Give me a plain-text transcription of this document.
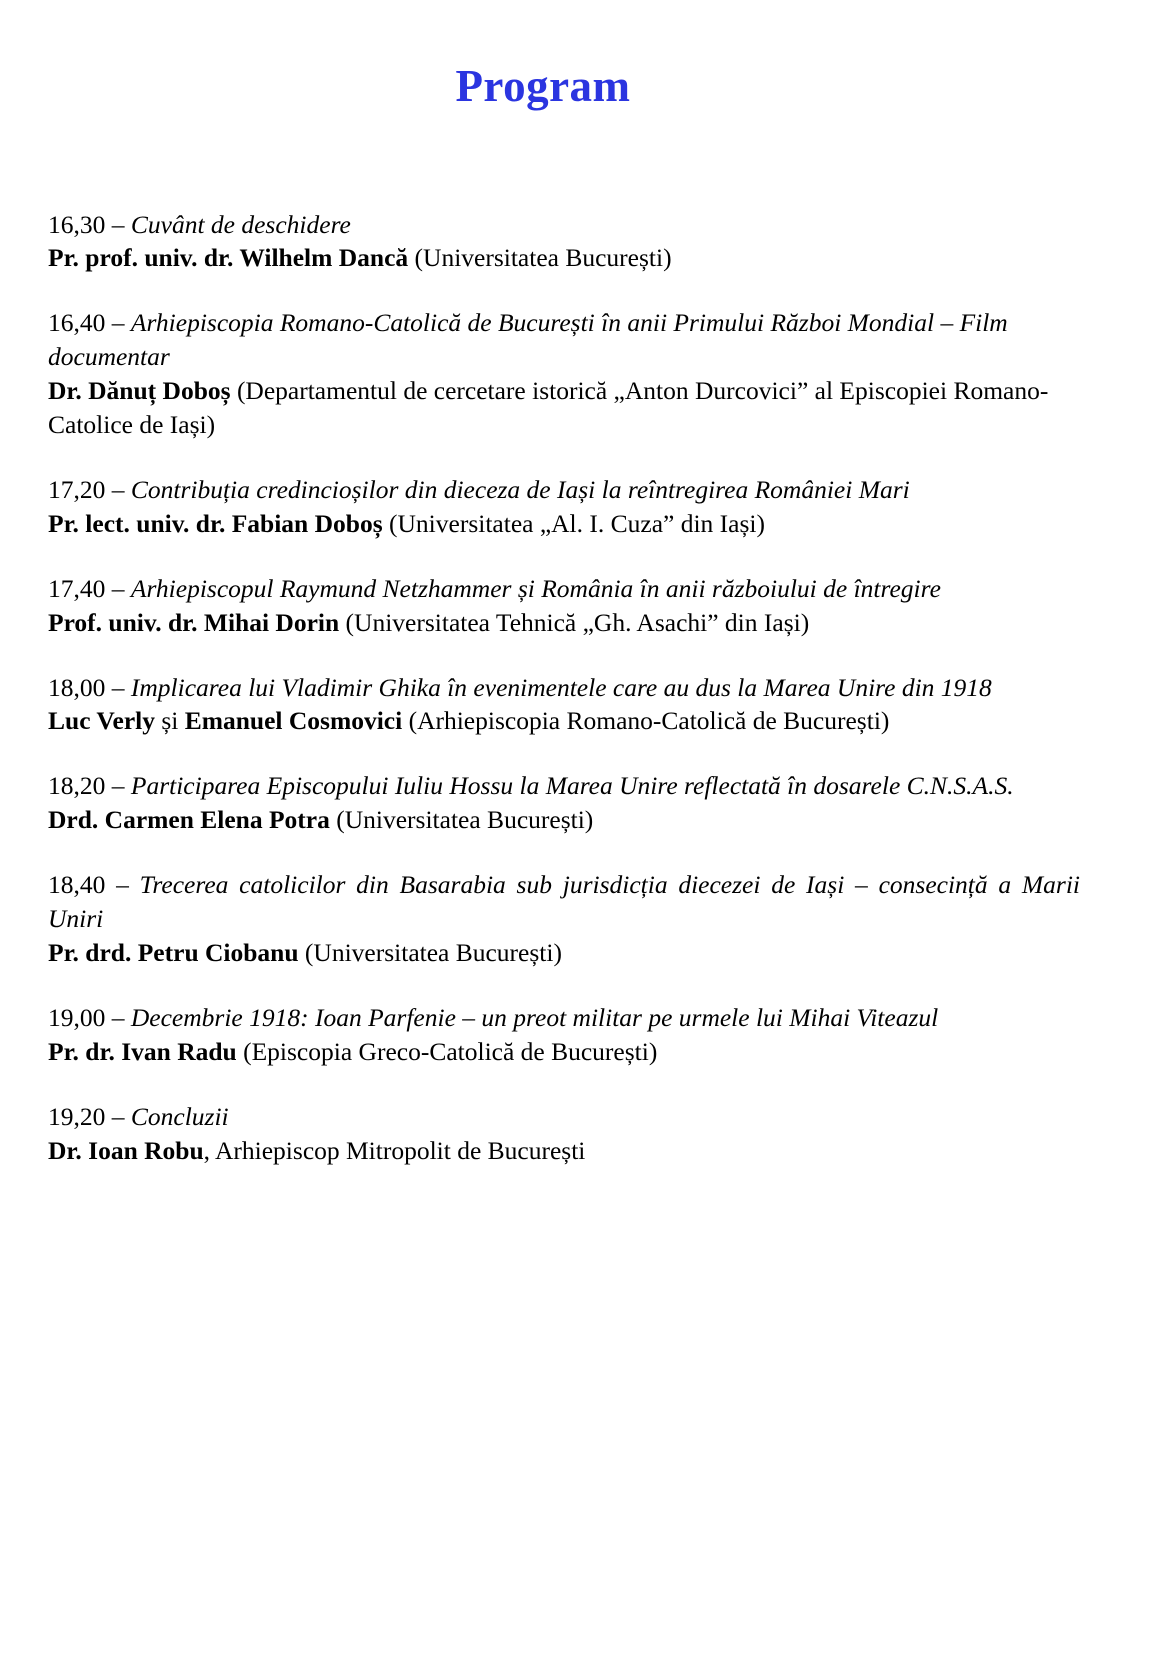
Program

16,30 – Cuvânt de deschidere

Pr. prof. univ. dr. Wilhelm Dancă (Universitatea București)

16,40 – Arhiepiscopia Romano-Catolică de București în anii Primului Război Mondial – Film documentar

Dr. Dănuț Doboș (Departamentul de cercetare istorică „Anton Durcovici” al Episcopiei Romano-Catolice de Iași)

17,20 – Contribuția credincioșilor din dieceza de Iași la reîntregirea României Mari

Pr. lect. univ. dr. Fabian Doboș (Universitatea „Al. I. Cuza” din Iași)

17,40 – Arhiepiscopul Raymund Netzhammer și România în anii războiului de întregire

Prof. univ. dr. Mihai Dorin (Universitatea Tehnică „Gh. Asachi” din Iași)

18,00 – Implicarea lui Vladimir Ghika în evenimentele care au dus la Marea Unire din 1918

Luc Verly și Emanuel Cosmovici (Arhiepiscopia Romano-Catolică de București)

18,20 – Participarea Episcopului Iuliu Hossu la Marea Unire reflectată în dosarele C.N.S.A.S.

Drd. Carmen Elena Potra (Universitatea București)

18,40 – Trecerea catolicilor din Basarabia sub jurisdicția diecezei de Iași – consecință a Marii Uniri

Pr. drd. Petru Ciobanu (Universitatea București)

19,00 – Decembrie 1918: Ioan Parfenie – un preot militar pe urmele lui Mihai Viteazul

Pr. dr. Ivan Radu (Episcopia Greco-Catolică de București)

19,20 – Concluzii

Dr. Ioan Robu, Arhiepiscop Mitropolit de București
